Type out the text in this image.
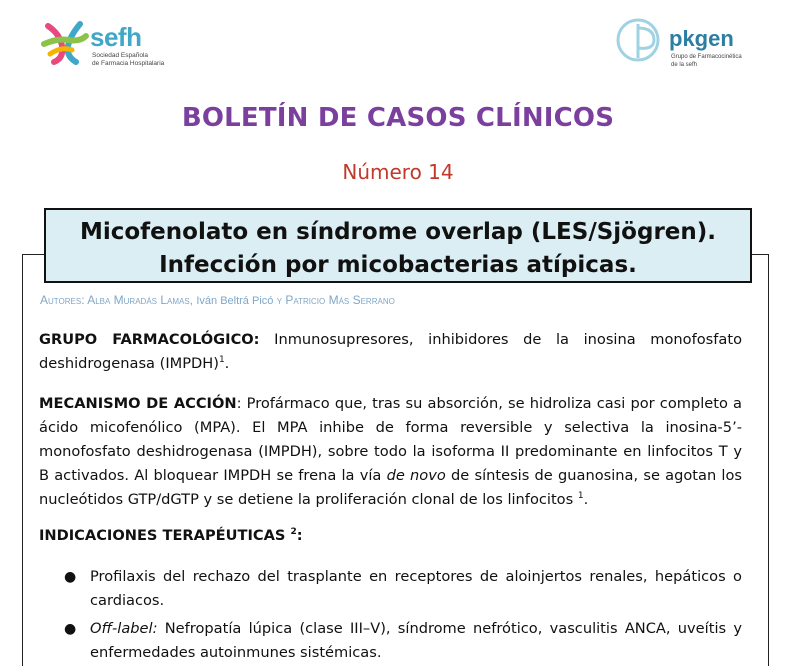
sefh
Sociedad Española
de Farmacia Hospitalaria
pkgen
Grupo de Farmacocinética
de la sefh
BOLETÍN DE CASOS CLÍNICOS
Número 14
Micofenolato en síndrome overlap (LES/Sjögren).
Infección por micobacterias atípicas.
Autores: Alba Muradás Lamas, Iván Beltrá Picó y Patricio Más Serrano
GRUPO FARMACOLÓGICO: Inmunosupresores, inhibidores de la inosina monofosfato deshidrogenasa (IMPDH)$^1$.
MECANISMO DE ACCIÓN: Profármaco que, tras su absorción, se hidroliza casi por completo a ácido micofenólico (MPA). El MPA inhibe de forma reversible y selectiva la inosina-5’-monofosfato deshidrogenasa (IMPDH), sobre todo la isoforma II predominante en linfocitos T y B activados. Al bloquear IMPDH se frena la vía de novo de síntesis de guanosina, se agotan los nucleótidos GTP/dGTP y se detiene la proliferación clonal de los linfocitos $^1$.
INDICACIONES TERAPÉUTICAS $^2$:
● Profilaxis del rechazo del trasplante en receptores de aloinjertos renales, hepáticos o cardiacos.
● Off-label: Nefropatía lúpica (clase III–V), síndrome nefrótico, vasculitis ANCA, uveítis y enfermedades autoinmunes sistémicas.
